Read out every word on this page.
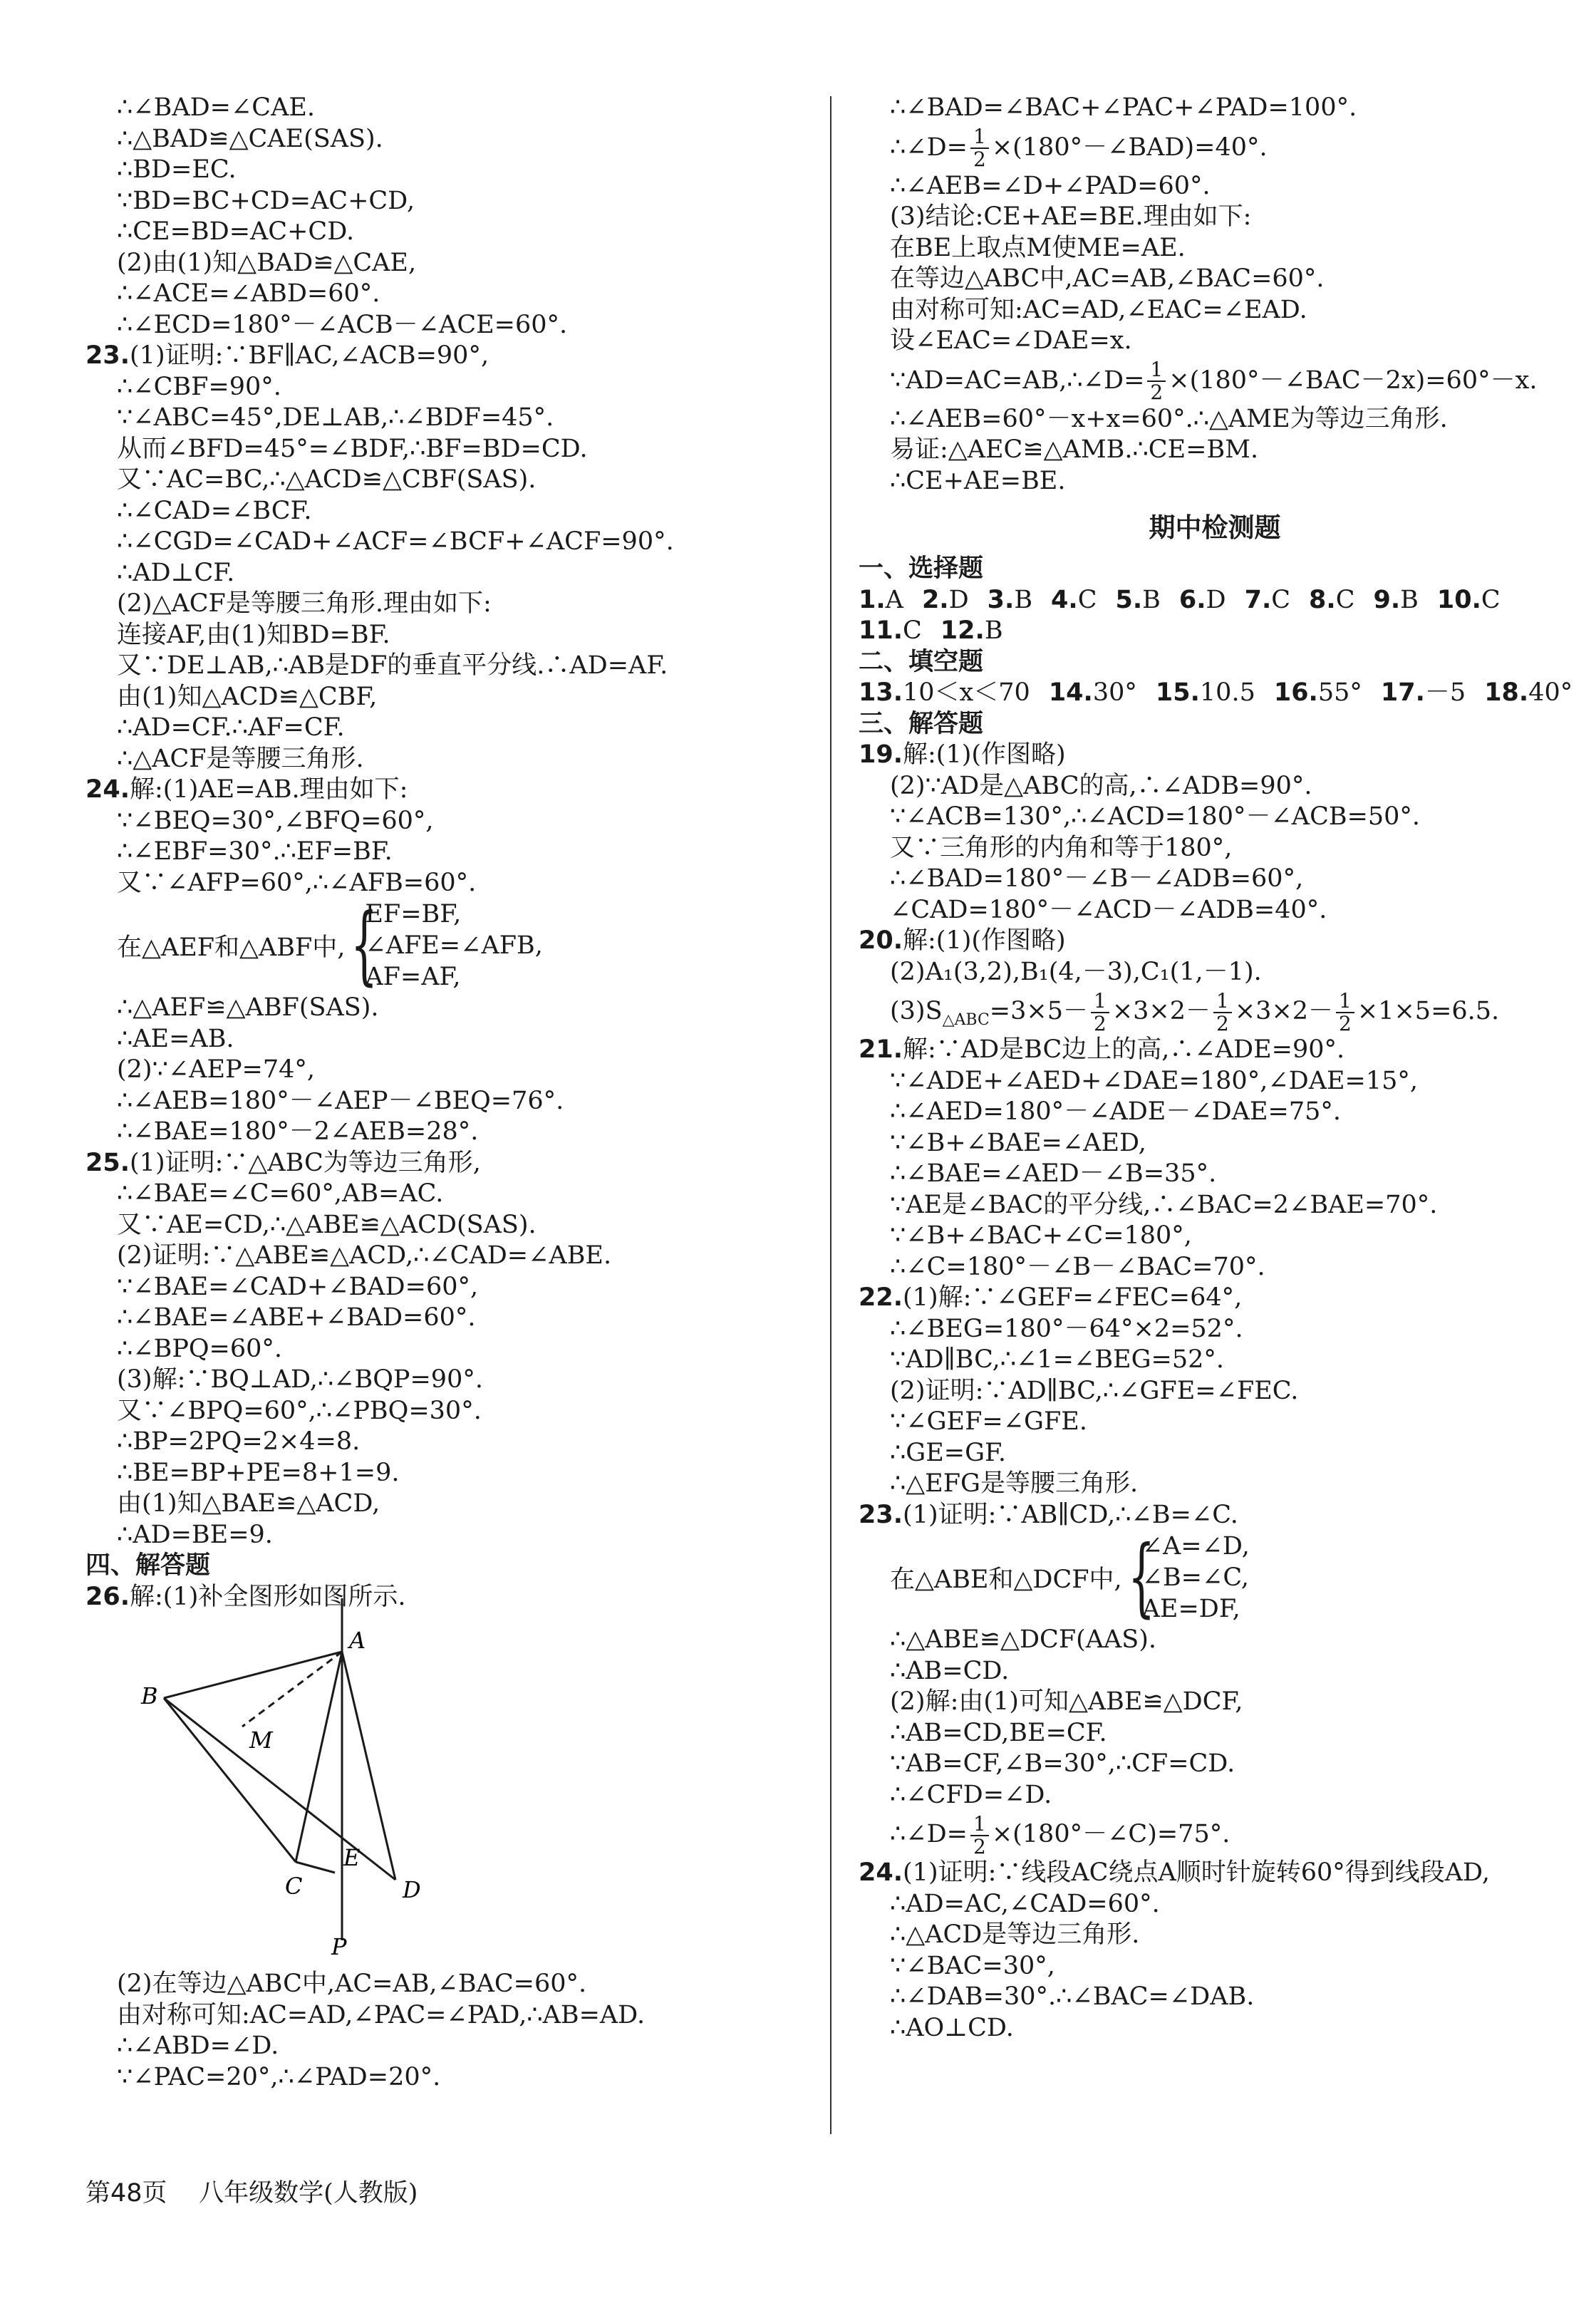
∴∠BAD=∠CAE.
∴△BAD≌△CAE(SAS).
∴BD=EC.
∵BD=BC+CD=AC+CD,
∴CE=BD=AC+CD.
(2)由(1)知△BAD≌△CAE,
∴∠ACE=∠ABD=60°.
∴∠ECD=180°－∠ACB－∠ACE=60°.
23.(1)证明:∵BF∥AC,∠ACB=90°,
∴∠CBF=90°.
∵∠ABC=45°,DE⊥AB,∴∠BDF=45°.
从而∠BFD=45°=∠BDF,∴BF=BD=CD.
又∵AC=BC,∴△ACD≌△CBF(SAS).
∴∠CAD=∠BCF.
∴∠CGD=∠CAD+∠ACF=∠BCF+∠ACF=90°.
∴AD⊥CF.
(2)△ACF是等腰三角形.理由如下:
连接AF,由(1)知BD=BF.
又∵DE⊥AB,∴AB是DF的垂直平分线.∴AD=AF.
由(1)知△ACD≌△CBF,
∴AD=CF.∴AF=CF.
∴△ACF是等腰三角形.
24.解:(1)AE=AB.理由如下:
∵∠BEQ=30°,∠BFQ=60°,
∴∠EBF=30°.∴EF=BF.
又∵∠AFP=60°,∴∠AFB=60°.
在△AEF和△ABF中, {
EF=BF,
∠AFE=∠AFB,
AF=AF,
∴△AEF≌△ABF(SAS).
∴AE=AB.
(2)∵∠AEP=74°,
∴∠AEB=180°－∠AEP－∠BEQ=76°.
∴∠BAE=180°－2∠AEB=28°.
25.(1)证明:∵△ABC为等边三角形,
∴∠BAE=∠C=60°,AB=AC.
又∵AE=CD,∴△ABE≌△ACD(SAS).
(2)证明:∵△ABE≌△ACD,∴∠CAD=∠ABE.
∵∠BAE=∠CAD+∠BAD=60°,
∴∠BAE=∠ABE+∠BAD=60°.
∴∠BPQ=60°.
(3)解:∵BQ⊥AD,∴∠BQP=90°.
又∵∠BPQ=60°,∴∠PBQ=30°.
∴BP=2PQ=2×4=8.
∴BE=BP+PE=8+1=9.
由(1)知△BAE≌△ACD,
∴AD=BE=9.
四、解答题
26.解:(1)补全图形如图所示.
A
B
M
C
E
D
P
(2)在等边△ABC中,AC=AB,∠BAC=60°.
由对称可知:AC=AD,∠PAC=∠PAD,∴AB=AD.
∴∠ABD=∠D.
∵∠PAC=20°,∴∠PAD=20°.
∴∠BAD=∠BAC+∠PAC+∠PAD=100°.
∴∠D= $\frac{1}{2}$ ×(180°－∠BAD)=40°.
∴∠AEB=∠D+∠PAD=60°.
(3)结论:CE+AE=BE.理由如下:
在BE上取点M使ME=AE.
在等边△ABC中,AC=AB,∠BAC=60°.
由对称可知:AC=AD,∠EAC=∠EAD.
设∠EAC=∠DAE=x.
∵AD=AC=AB,∴∠D= $\frac{1}{2}$ ×(180°－∠BAC－2x)=60°－x.
∴∠AEB=60°－x+x=60°.∴△AME为等边三角形.
易证:△AEC≌△AMB.∴CE=BM.
∴CE+AE=BE.
期中检测题
一、选择题
1.A 2.D 3.B 4.C 5.B 6.D 7.C 8.C 9.B 10.C
11.C 12.B
二、填空题
13.10＜x＜70 14.30° 15.10.5 16.55° 17.－5 18.40°
三、解答题
19.解:(1)(作图略)
(2)∵AD是△ABC的高,∴∠ADB=90°.
∵∠ACB=130°,∴∠ACD=180°－∠ACB=50°.
又∵三角形的内角和等于180°,
∴∠BAD=180°－∠B－∠ADB=60°,
∠CAD=180°－∠ACD－∠ADB=40°.
20.解:(1)(作图略)
(2)A₁(3,2),B₁(4,－3),C₁(1,－1).
$(3)S_{\triangle ABC}=3\times 5- \frac{1}{2} \times 3\times 2- \frac{1}{2} \times 3\times 2- \frac{1}{2} \times 1\times 5=6.5$.
21.解:∵AD是BC边上的高,∴∠ADE=90°.
∵∠ADE+∠AED+∠DAE=180°,∠DAE=15°,
∴∠AED=180°－∠ADE－∠DAE=75°.
∵∠B+∠BAE=∠AED,
∴∠BAE=∠AED－∠B=35°.
∵AE是∠BAC的平分线,∴∠BAC=2∠BAE=70°.
∵∠B+∠BAC+∠C=180°,
∴∠C=180°－∠B－∠BAC=70°.
22.(1)解:∵∠GEF=∠FEC=64°,
∴∠BEG=180°－64°×2=52°.
∵AD∥BC,∴∠1=∠BEG=52°.
(2)证明:∵AD∥BC,∴∠GFE=∠FEC.
∵∠GEF=∠GFE.
∴GE=GF.
∴△EFG是等腰三角形.
23.(1)证明:∵AB∥CD,∴∠B=∠C.
在△ABE和△DCF中, {
∠A=∠D,
∠B=∠C,
AE=DF,
∴△ABE≌△DCF(AAS).
∴AB=CD.
(2)解:由(1)可知△ABE≌△DCF,
∴AB=CD,BE=CF.
∵AB=CF,∠B=30°,∴CF=CD.
∴∠CFD=∠D.
∴∠D= $\frac{1}{2}$ ×(180°－∠C)=75°.
24.(1)证明:∵线段AC绕点A顺时针旋转60°得到线段AD,
∴AD=AC,∠CAD=60°.
∴△ACD是等边三角形.
∵∠BAC=30°,
∴∠DAB=30°.∴∠BAC=∠DAB.
∴AO⊥CD.
第48页 八年级数学(人教版)
